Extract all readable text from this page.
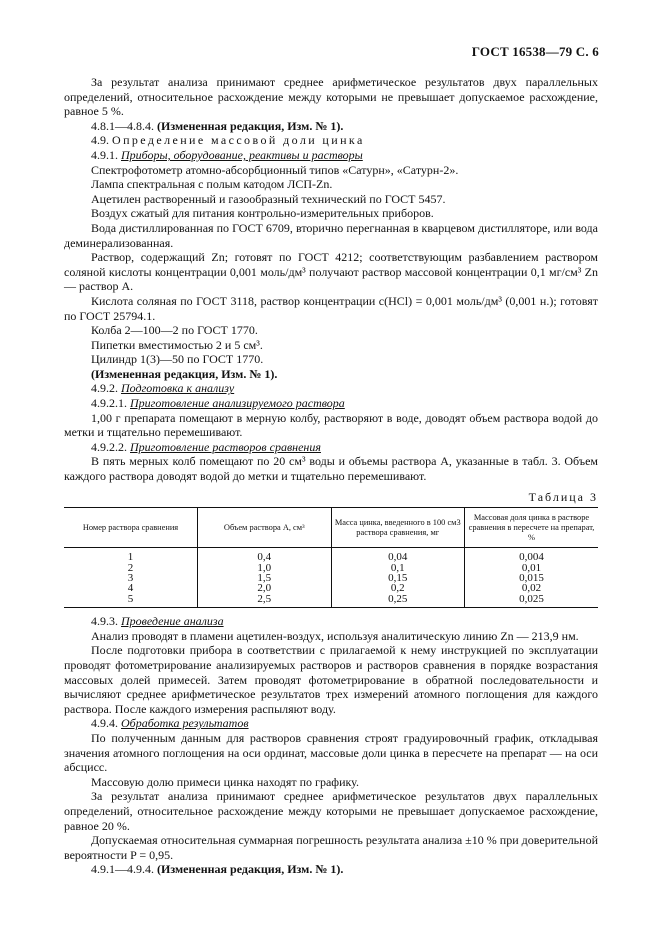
ГОСТ 16538—79 С. 6

За результат анализа принимают среднее арифметическое результатов двух параллельных определений, относительное расхождение между которыми не превышает допускаемое расхождение, равное 5 %.

4.8.1—4.8.4. (Измененная редакция, Изм. № 1).

4.9. Определение массовой доли цинка

4.9.1. Приборы, оборудование, реактивы и растворы

Спектрофотометр атомно-абсорбционный типов «Сатурн», «Сатурн-2».

Лампа спектральная с полым катодом ЛСП-Zn.

Ацетилен растворенный и газообразный технический по ГОСТ 5457.

Воздух сжатый для питания контрольно-измерительных приборов.

Вода дистиллированная по ГОСТ 6709, вторично перегнанная в кварцевом дистилляторе, или вода деминерализованная.

Раствор, содержащий Zn; готовят по ГОСТ 4212; соответствующим разбавлением раствором соляной кислоты концентрации 0,001 моль/дм³ получают раствор массовой концентрации 0,1 мг/см³ Zn — раствор А.

Кислота соляная по ГОСТ 3118, раствор концентрации c(HCl) = 0,001 моль/дм³ (0,001 н.); готовят по ГОСТ 25794.1.

Колба 2—100—2 по ГОСТ 1770.

Пипетки вместимостью 2 и 5 см³.

Цилиндр 1(3)—50 по ГОСТ 1770.

(Измененная редакция, Изм. № 1).

4.9.2. Подготовка к анализу

4.9.2.1. Приготовление анализируемого раствора

1,00 г препарата помещают в мерную колбу, растворяют в воде, доводят объем раствора водой до метки и тщательно перемешивают.

4.9.2.2. Приготовление растворов сравнения

В пять мерных колб помещают по 20 см³ воды и объемы раствора А, указанные в табл. 3. Объем каждого раствора доводят водой до метки и тщательно перемешивают.

Таблица 3
Номер раствора сравнения	Объем раствора А, см³	Масса цинка, введенного в 100 см3 раствора сравнения, мг	Массовая доля цинка в растворе сравнения в пересчете на препарат, %
1	0,4	0,04	0,004
2	1,0	0,1	0,01
3	1,5	0,15	0,015
4	2,0	0,2	0,02
5	2,5	0,25	0,025

4.9.3. Проведение анализа

Анализ проводят в пламени ацетилен-воздух, используя аналитическую линию Zn — 213,9 нм.

После подготовки прибора в соответствии с прилагаемой к нему инструкцией по эксплуатации проводят фотометрирование анализируемых растворов и растворов сравнения в порядке возрастания массовых долей примесей. Затем проводят фотометрирование в обратной последовательности и вычисляют среднее арифметическое результатов трех измерений атомного поглощения для каждого раствора. После каждого измерения распыляют воду.

4.9.4. Обработка результатов

По полученным данным для растворов сравнения строят градуировочный график, откладывая значения атомного поглощения на оси ординат, массовые доли цинка в пересчете на препарат — на оси абсцисс.

Массовую долю примеси цинка находят по графику.

За результат анализа принимают среднее арифметическое результатов двух параллельных определений, относительное расхождение между которыми не превышает допускаемое расхождение, равное 20 %.

Допускаемая относительная суммарная погрешность результата анализа ±10 % при доверительной вероятности P = 0,95.

4.9.1—4.9.4. (Измененная редакция, Изм. № 1).
